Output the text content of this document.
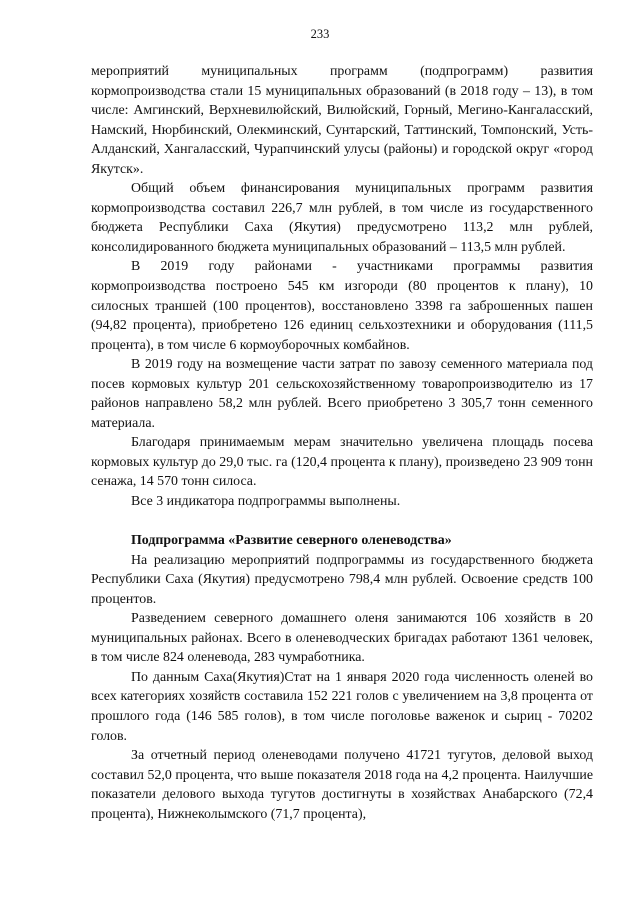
233

мероприятий муниципальных программ (подпрограмм) развития кормопроизводства стали 15 муниципальных образований (в 2018 году – 13), в том числе: Амгинский, Верхневилюйский, Вилюйский, Горный, Мегино-Кангаласский, Намский, Нюрбинский, Олекминский, Сунтарский, Таттинский, Томпонский, Усть-Алданский, Хангаласский, Чурапчинский улусы (районы) и городской округ «город Якутск».

Общий объем финансирования муниципальных программ развития кормопроизводства составил 226,7 млн рублей, в том числе из государственного бюджета Республики Саха (Якутия) предусмотрено 113,2 млн рублей, консолидированного бюджета муниципальных образований – 113,5 млн рублей.

В 2019 году районами - участниками программы развития кормопроизводства построено 545 км изгороди (80 процентов к плану), 10 силосных траншей (100 процентов), восстановлено 3398 га заброшенных пашен (94,82 процента), приобретено 126 единиц сельхозтехники и оборудования (111,5 процента), в том числе 6 кормоуборочных комбайнов.

В 2019 году на возмещение части затрат по завозу семенного материала под посев кормовых культур 201 сельскохозяйственному товаропроизводителю из 17 районов направлено 58,2 млн рублей. Всего приобретено 3 305,7 тонн семенного материала.

Благодаря принимаемым мерам значительно увеличена площадь посева кормовых культур до 29,0 тыс. га (120,4 процента к плану), произведено 23 909 тонн сенажа, 14 570 тонн силоса.

Все 3 индикатора подпрограммы выполнены.

Подпрограмма «Развитие северного оленеводства»

На реализацию мероприятий подпрограммы из государственного бюджета Республики Саха (Якутия) предусмотрено 798,4 млн рублей. Освоение средств 100 процентов.

Разведением северного домашнего оленя занимаются 106 хозяйств в 20 муниципальных районах. Всего в оленеводческих бригадах работают 1361 человек, в том числе 824 оленевода, 283 чумработника.

По данным Саха(Якутия)Стат на 1 января 2020 года численность оленей во всех категориях хозяйств составила 152 221 голов с увеличением на 3,8 процента от прошлого года (146 585 голов), в том числе поголовье важенок и сыриц - 70202 голов.

За отчетный период оленеводами получено 41721 тугутов, деловой выход составил 52,0 процента, что выше показателя 2018 года на 4,2 процента. Наилучшие показатели делового выхода тугутов достигнуты в хозяйствах Анабарского (72,4 процента), Нижнеколымского (71,7 процента),
